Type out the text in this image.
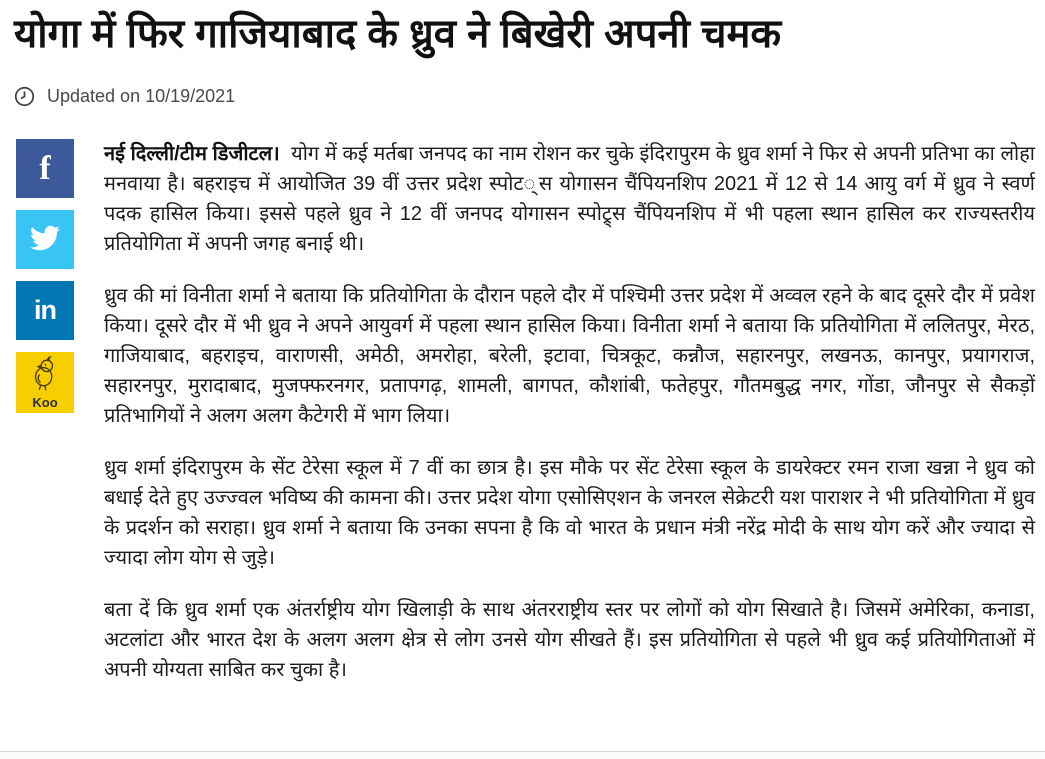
योगा में फिर गाजियाबाद के ध्रुव ने बिखेरी अपनी चमक
Updated on 10/19/2021
f
in
Koo

नई दिल्ली/टीम डिजीटल। योग में कई मर्तबा जनपद का नाम रोशन कर चुके इंदिरापुरम के ध्रुव शर्मा ने फिर से अपनी प्रतिभा का लोहा मनवाया है। बहराइच में आयोजित 39 वीं उत्तर प्रदेश स्पोट◌्स योगासन चैंपियनशिप 2021 में 12 से 14 आयु वर्ग में ध्रुव ने स्वर्ण पदक हासिल किया। इससे पहले ध्रुव ने 12 वीं जनपद योगासन स्पोट्र्स चैंपियनशिप में भी पहला स्थान हासिल कर राज्यस्तरीय प्रतियोगिता में अपनी जगह बनाई थी।

ध्रुव की मां विनीता शर्मा ने बताया कि प्रतियोगिता के दौरान पहले दौर में पश्चिमी उत्तर प्रदेश में अव्वल रहने के बाद दूसरे दौर में प्रवेश किया। दूसरे दौर में भी ध्रुव ने अपने आयुवर्ग में पहला स्थान हासिल किया। विनीता शर्मा ने बताया कि प्रतियोगिता में ललितपुर, मेरठ, गाजियाबाद, बहराइच, वाराणसी, अमेठी, अमरोहा, बरेली, इटावा, चित्रकूट, कन्नौज, सहारनपुर, लखनऊ, कानपुर, प्रयागराज, सहारनपुर, मुरादाबाद, मुजफ्फरनगर, प्रतापगढ़, शामली, बागपत, कौशांबी, फतेहपुर, गौतमबुद्ध नगर, गोंडा, जौनपुर से सैकड़ों प्रतिभागियों ने अलग अलग कैटेगरी में भाग लिया।

ध्रुव शर्मा इंदिरापुरम के सेंट टेरेसा स्कूल में 7 वीं का छात्र है। इस मौके पर सेंट टेरेसा स्कूल के डायरेक्टर रमन राजा खन्ना ने ध्रुव को बधाई देते हुए उज्ज्वल भविष्य की कामना की। उत्तर प्रदेश योगा एसोसिएशन के जनरल सेक्रेटरी यश पाराशर ने भी प्रतियोगिता में ध्रुव के प्रदर्शन को सराहा। ध्रुव शर्मा ने बताया कि उनका सपना है कि वो भारत के प्रधान मंत्री नरेंद्र मोदी के साथ योग करें और ज्यादा से ज्यादा लोग योग से जुड़े।

बता दें कि ध्रुव शर्मा एक अंतर्राष्ट्रीय योग खिलाड़ी के साथ अंतरराष्ट्रीय स्तर पर लोगों को योग सिखाते है। जिसमें अमेरिका, कनाडा, अटलांटा और भारत देश के अलग अलग क्षेत्र से लोग उनसे योग सीखते हैं। इस प्रतियोगिता से पहले भी ध्रुव कई प्रतियोगिताओं में अपनी योग्यता साबित कर चुका है।
